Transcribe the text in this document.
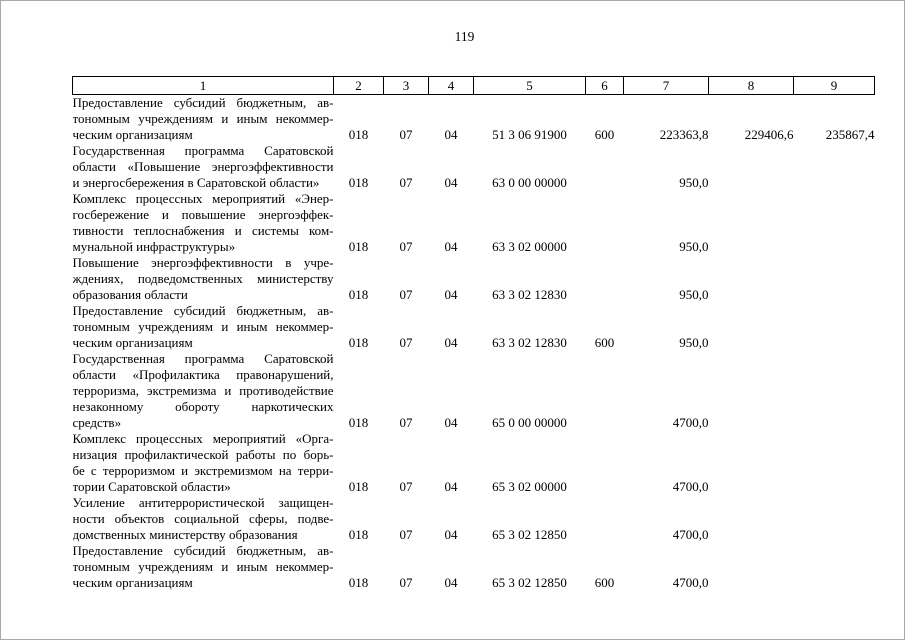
119
1	2	3	4	5	6	7	8	9

Предоставление субсидий бюджетным, ав-
тономным учреждениям и иным некоммер-
ческим организациям	018	07	04	51 3 06 91900	600	223363,8	229406,6	235867,4

Государственная программа Саратовской
области «Повышение энергоэффективности
и энергосбережения в Саратовской области»	018	07	04	63 0 00 00000		950,0		

Комплекс процессных мероприятий «Энер-
госбережение и повышение энергоэффек-
тивности теплоснабжения и системы ком-
мунальной инфраструктуры»	018	07	04	63 3 02 00000		950,0		

Повышение энергоэффективности в учре-
ждениях, подведомственных министерству
образования области	018	07	04	63 3 02 12830		950,0		

Предоставление субсидий бюджетным, ав-
тономным учреждениям и иным некоммер-
ческим организациям	018	07	04	63 3 02 12830	600	950,0		

Государственная программа Саратовской
области «Профилактика правонарушений,
терроризма, экстремизма и противодействие
незаконному обороту наркотических
средств»	018	07	04	65 0 00 00000		4700,0		

Комплекс процессных мероприятий «Орга-
низация профилактической работы по борь-
бе с терроризмом и экстремизмом на терри-
тории Саратовской области»	018	07	04	65 3 02 00000		4700,0		

Усиление антитеррористической защищен-
ности объектов социальной сферы, подве-
домственных министерству образования	018	07	04	65 3 02 12850		4700,0		

Предоставление субсидий бюджетным, ав-
тономным учреждениям и иным некоммер-
ческим организациям	018	07	04	65 3 02 12850	600	4700,0		
